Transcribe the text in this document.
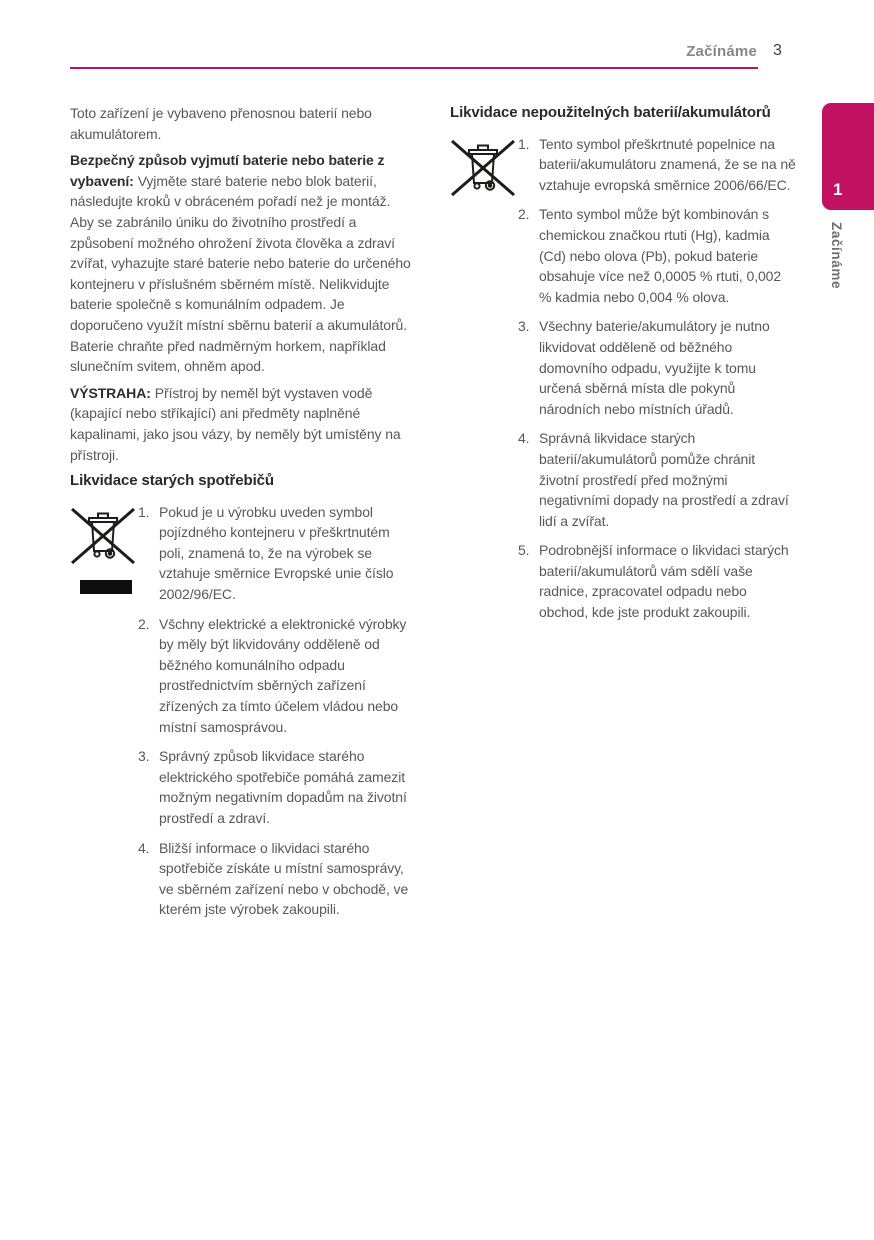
Začínáme 3

Toto zařízení je vybaveno přenosnou baterií nebo akumulátorem.

Bezpečný způsob vyjmutí baterie nebo baterie z vybavení: Vyjměte staré baterie nebo blok baterií, následujte kroků v obráceném pořadí než je montáž. Aby se zabránilo úniku do životního prostředí a způsobení možného ohrožení života člověka a zdraví zvířat, vyhazujte staré baterie nebo baterie do určeného kontejneru v příslušném sběrném místě. Nelikvidujte baterie společně s komunálním odpadem. Je doporučeno využít místní sběrnu baterií a akumulátorů. Baterie chraňte před nadměrným horkem, například slunečním svitem, ohněm apod.

VÝSTRAHA: Přístroj by neměl být vystaven vodě (kapající nebo stříkající) ani předměty naplněné kapalinami, jako jsou vázy, by neměly být umístěny na přístroji.

Likvidace starých spotřebičů
1. Pokud je u výrobku uveden symbol pojízdného kontejneru v přeškrtnutém poli, znamená to, že na výrobek se vztahuje směrnice Evropské unie číslo 2002/96/EC.
2. Všchny elektrické a elektronické výrobky by měly být likvidovány odděleně od běžného komunálního odpadu prostřednictvím sběrných zařízení zřízených za tímto účelem vládou nebo místní samosprávou.
3. Správný způsob likvidace starého elektrického spotřebiče pomáhá zamezit možným negativním dopadům na životní prostředí a zdraví.
4. Bližší informace o likvidaci starého spotřebiče získáte u místní samosprávy, ve sběrném zařízení nebo v obchodě, ve kterém jste výrobek zakoupili.
Likvidace nepoužitelných baterií/akumulátorů
1. Tento symbol přeškrtnuté popelnice na baterii/akumulátoru znamená, že se na ně vztahuje evropská směrnice 2006/66/EC.
2. Tento symbol může být kombinován s chemickou značkou rtuti (Hg), kadmia (Cd) nebo olova (Pb), pokud baterie obsahuje více než 0,0005 % rtuti, 0,002 % kadmia nebo 0,004 % olova.
3. Všechny baterie/akumulátory je nutno likvidovat odděleně od běžného domovního odpadu, využijte k tomu určená sběrná místa dle pokynů národních nebo místních úřadů.
4. Správná likvidace starých baterií/akumulátorů pomůže chránit životní prostředí před možnými negativními dopady na prostředí a zdraví lidí a zvířat.
5. Podrobnější informace o likvidaci starých baterií/akumulátorů vám sdělí vaše radnice, zpracovatel odpadu nebo obchod, kde jste produkt zakoupili.
1
Začínáme
